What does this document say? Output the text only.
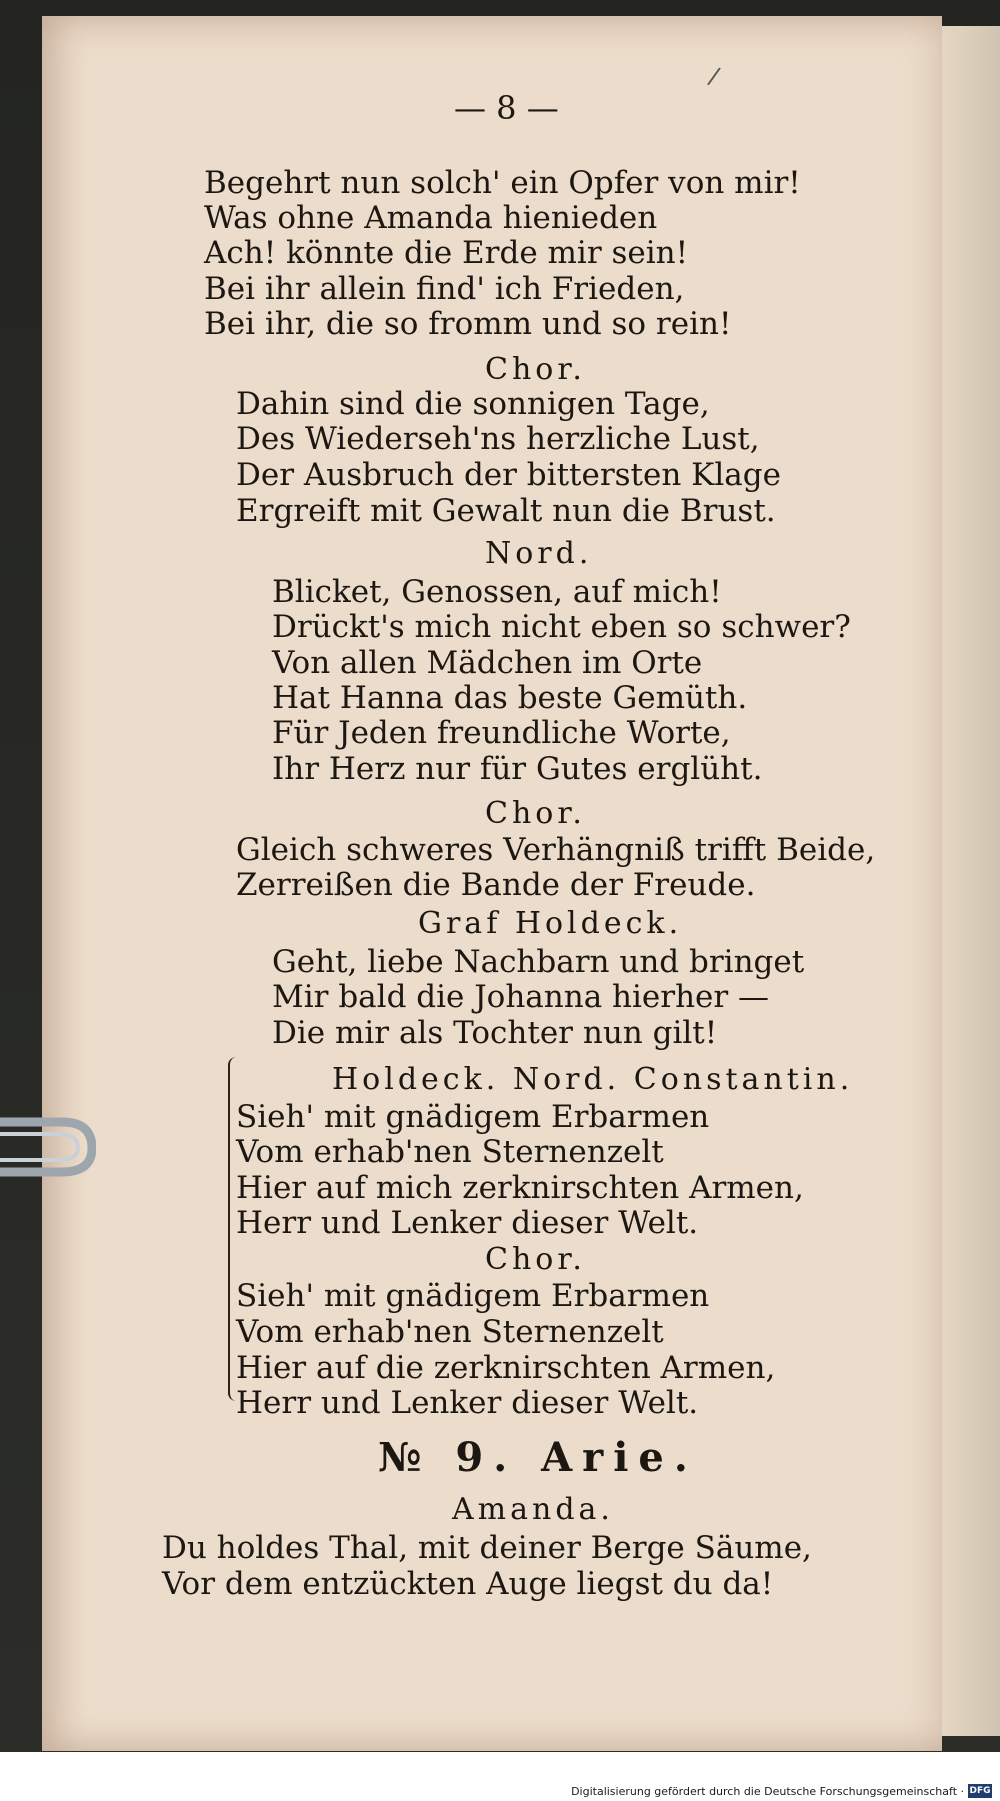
/
— 8 —
Begehrt nun solch' ein Opfer von mir!
Was ohne Amanda hienieden
Ach! könnte die Erde mir sein!
Bei ihr allein find' ich Frieden,
Bei ihr, die so fromm und so rein!
Chor.
Dahin sind die sonnigen Tage,
Des Wiederseh'ns herzliche Lust,
Der Ausbruch der bittersten Klage
Ergreift mit Gewalt nun die Brust.
Nord.
Blicket, Genossen, auf mich!
Drückt's mich nicht eben so schwer?
Von allen Mädchen im Orte
Hat Hanna das beste Gemüth.
Für Jeden freundliche Worte,
Ihr Herz nur für Gutes erglüht.
Chor.
Gleich schweres Verhängniß trifft Beide,
Zerreißen die Bande der Freude.
Graf Holdeck.
Geht, liebe Nachbarn und bringet
Mir bald die Johanna hierher —
Die mir als Tochter nun gilt!
Holdeck. Nord. Constantin.
Sieh' mit gnädigem Erbarmen
Vom erhab'nen Sternenzelt
Hier auf mich zerknirschten Armen,
Herr und Lenker dieser Welt.
Chor.
Sieh' mit gnädigem Erbarmen
Vom erhab'nen Sternenzelt
Hier auf die zerknirschten Armen,
Herr und Lenker dieser Welt.
№ 9. Arie.
Amanda.
Du holdes Thal, mit deiner Berge Säume,
Vor dem entzückten Auge liegst du da!
Digitalisierung gefördert durch die Deutsche Forschungsgemeinschaft · DFG
